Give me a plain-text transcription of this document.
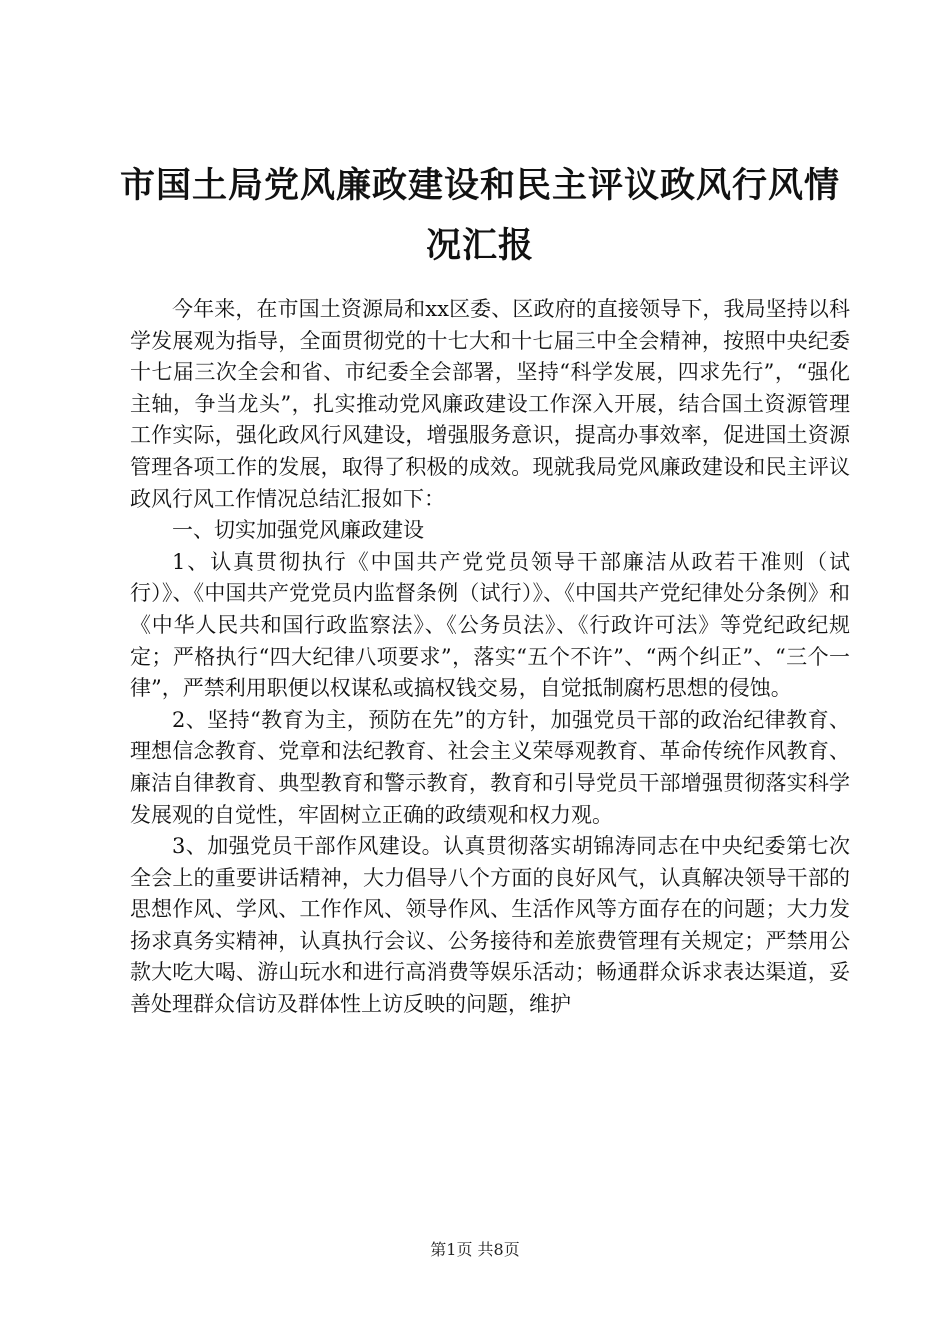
市国土局党风廉政建设和民主评议政风行风情况汇报

今年来，在市国土资源局和xx区委、区政府的直接领导下，我局坚持以科学发展观为指导，全面贯彻党的十七大和十七届三中全会精神，按照中央纪委十七届三次全会和省、市纪委全会部署，坚持“科学发展，四求先行”，“强化主轴，争当龙头”，扎实推动党风廉政建设工作深入开展，结合国土资源管理工作实际，强化政风行风建设，增强服务意识，提高办事效率，促进国土资源管理各项工作的发展，取得了积极的成效。现就我局党风廉政建设和民主评议政风行风工作情况总结汇报如下：

一、切实加强党风廉政建设

1、认真贯彻执行《中国共产党党员领导干部廉洁从政若干准则（试行）》、《中国共产党党员内监督条例（试行）》、《中国共产党纪律处分条例》和《中华人民共和国行政监察法》、《公务员法》、《行政许可法》等党纪政纪规定；严格执行“四大纪律八项要求”，落实“五个不许”、“两个纠正”、“三个一律”，严禁利用职便以权谋私或搞权钱交易，自觉抵制腐朽思想的侵蚀。

2、坚持“教育为主，预防在先”的方针，加强党员干部的政治纪律教育、理想信念教育、党章和法纪教育、社会主义荣辱观教育、革命传统作风教育、廉洁自律教育、典型教育和警示教育，教育和引导党员干部增强贯彻落实科学发展观的自觉性，牢固树立正确的政绩观和权力观。

3、加强党员干部作风建设。认真贯彻落实胡锦涛同志在中央纪委第七次全会上的重要讲话精神，大力倡导八个方面的良好风气，认真解决领导干部的思想作风、学风、工作作风、领导作风、生活作风等方面存在的问题；大力发扬求真务实精神，认真执行会议、公务接待和差旅费管理有关规定；严禁用公款大吃大喝、游山玩水和进行高消费等娱乐活动；畅通群众诉求表达渠道，妥善处理群众信访及群体性上访反映的问题，维护

第1页 共8页
